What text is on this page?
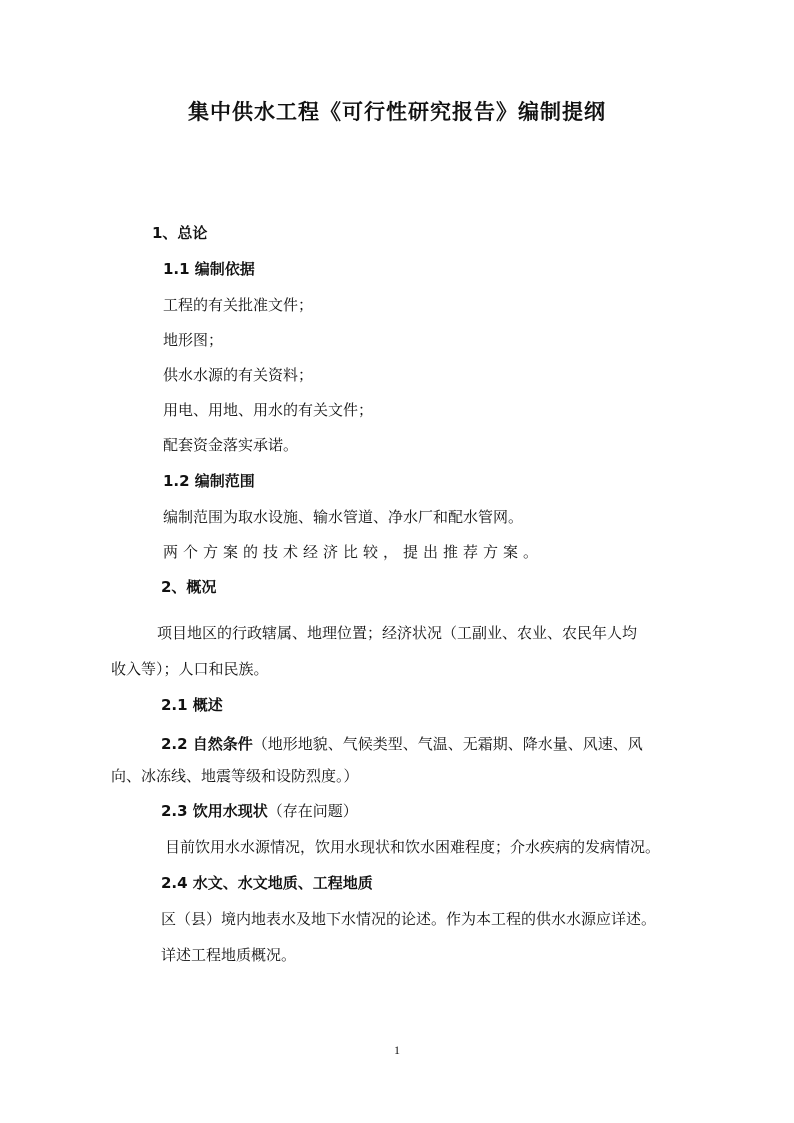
集中供水工程《可行性研究报告》编制提纲
1、总论
1.1 编制依据
工程的有关批准文件；
地形图；
供水水源的有关资料；
用电、用地、用水的有关文件；
配套资金落实承诺。
1.2 编制范围
编制范围为取水设施、输水管道、净水厂和配水管网。
两个方案的技术经济比较，提出推荐方案。
2、概况
项目地区的行政辖属、地理位置；经济状况（工副业、农业、农民年人均
收入等）；人口和民族。
2.1 概述
2.2 自然条件（地形地貌、气候类型、气温、无霜期、降水量、风速、风
向、冰冻线、地震等级和设防烈度。）
2.3 饮用水现状（存在问题）
目前饮用水水源情况，饮用水现状和饮水困难程度；介水疾病的发病情况。
2.4 水文、水文地质、工程地质
区（县）境内地表水及地下水情况的论述。作为本工程的供水水源应详述。
详述工程地质概况。
1
